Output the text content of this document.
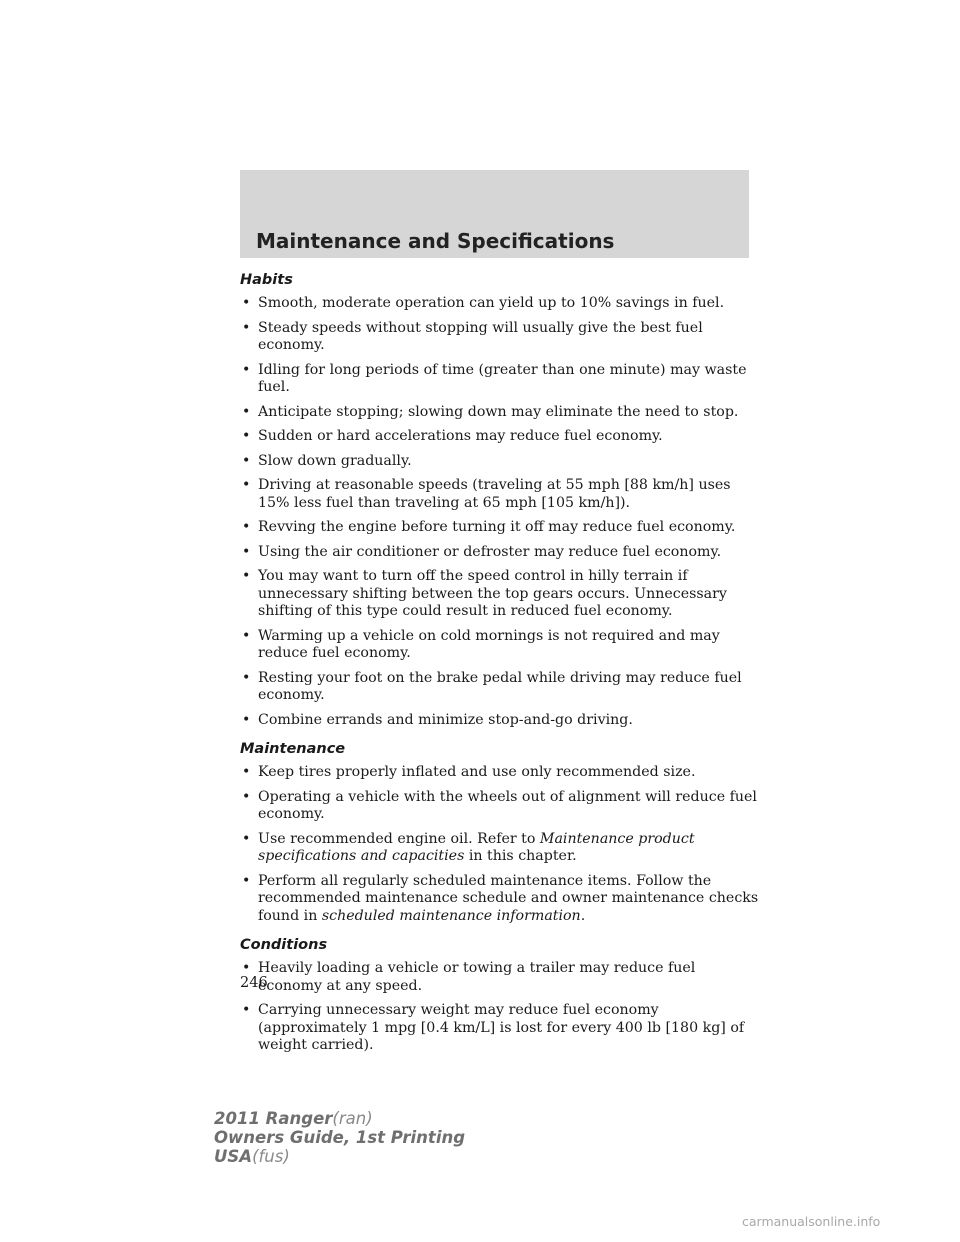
Maintenance and Specifications
Habits
• Smooth, moderate operation can yield up to 10% savings in fuel.
• Steady speeds without stopping will usually give the best fuel economy.
• Idling for long periods of time (greater than one minute) may waste fuel.
• Anticipate stopping; slowing down may eliminate the need to stop.
• Sudden or hard accelerations may reduce fuel economy.
• Slow down gradually.
• Driving at reasonable speeds (traveling at 55 mph [88 km/h] uses 15% less fuel than traveling at 65 mph [105 km/h]).
• Revving the engine before turning it off may reduce fuel economy.
• Using the air conditioner or defroster may reduce fuel economy.
• You may want to turn off the speed control in hilly terrain if unnecessary shifting between the top gears occurs. Unnecessary shifting of this type could result in reduced fuel economy.
• Warming up a vehicle on cold mornings is not required and may reduce fuel economy.
• Resting your foot on the brake pedal while driving may reduce fuel economy.
• Combine errands and minimize stop-and-go driving.
Maintenance
• Keep tires properly inflated and use only recommended size.
• Operating a vehicle with the wheels out of alignment will reduce fuel economy.
• Use recommended engine oil. Refer to Maintenance product specifications and capacities in this chapter.
• Perform all regularly scheduled maintenance items. Follow the recommended maintenance schedule and owner maintenance checks found in scheduled maintenance information.
Conditions
• Heavily loading a vehicle or towing a trailer may reduce fuel economy at any speed.
• Carrying unnecessary weight may reduce fuel economy (approximately 1 mpg [0.4 km/L] is lost for every 400 lb [180 kg] of weight carried).
246
2011 Ranger(ran)
Owners Guide, 1st Printing
USA(fus)
carmanualsonline.info
